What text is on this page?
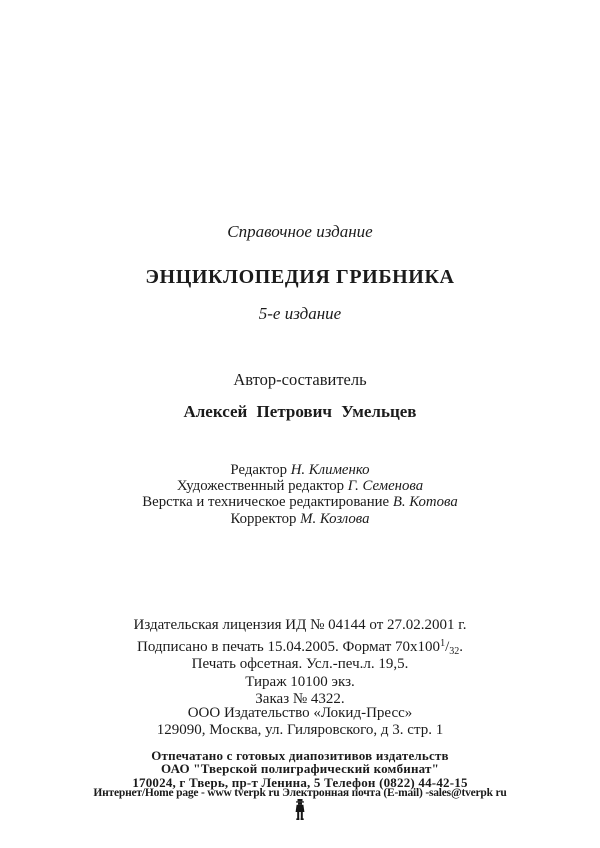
Справочное издание
ЭНЦИКЛОПЕДИЯ ГРИБНИКА
5-е издание
Автор-составитель
Алексей Петрович Умельцев
Редактор Н. Клименко
Художественный редактор Г. Семенова
Верстка и техническое редактирование В. Котова
Корректор М. Козлова
Издательская лицензия ИД № 04144 от 27.02.2001 г.
Подписано в печать 15.04.2005. Формат $70x100^1/_{32}$.
Печать офсетная. Усл.-печ.л. 19,5.
Тираж 10100 экз.
Заказ № 4322.
ООО Издательство «Локид-Пресс»
129090, Москва, ул. Гиляровского, д 3. стр. 1
Отпечатано с готовых диапозитивов издательств
ОАО "Тверской полиграфический комбинат"
170024, г Тверь, пр-т Ленина, 5 Телефон (0822) 44-42-15
Интернет/Home page - www tverpk ru Электронная почта (E-mail) -sales@tverpk ru
